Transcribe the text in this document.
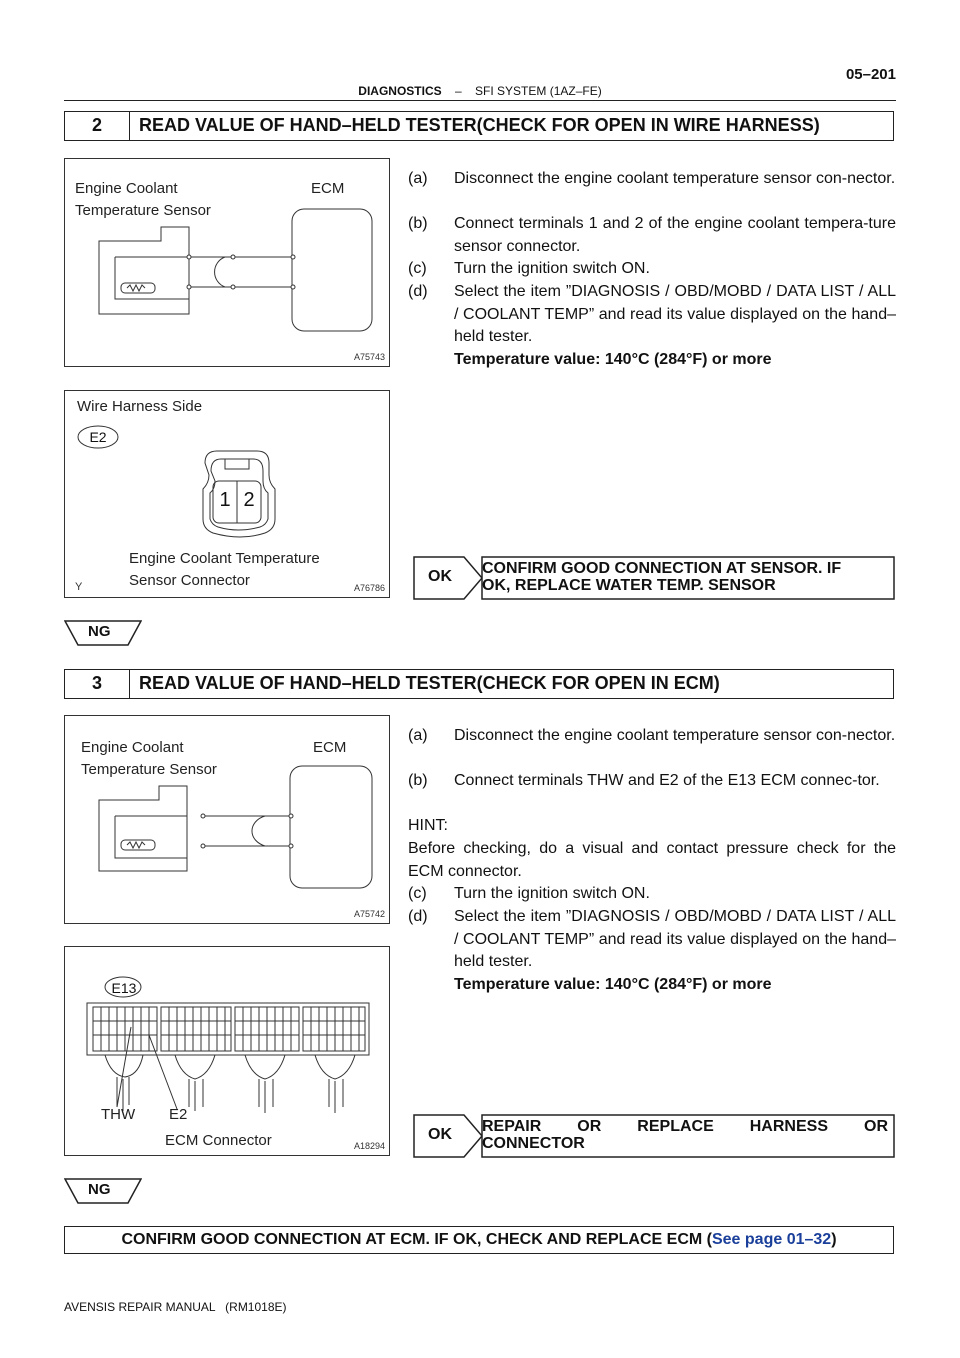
05–201
DIAGNOSTICS – SFI SYSTEM (1AZ–FE)
2	READ VALUE OF HAND–HELD TESTER(CHECK FOR OPEN IN WIRE HARNESS)
Engine Coolant
Temperature Sensor
ECM
A75743
Wire Harness Side
E2
1 2
Engine Coolant Temperature
Sensor Connector
Y	A76786
(a) Disconnect the engine coolant temperature sensor con-nector.
(b) Connect terminals 1 and 2 of the engine coolant tempera-ture sensor connector.
(c) Turn the ignition switch ON.
(d) Select the item ”DIAGNOSIS / OBD/MOBD / DATA LIST / ALL / COOLANT TEMP” and read its value displayed on the hand–held tester.
Temperature value: 140°C (284°F) or more
OK CONFIRM GOOD CONNECTION AT SENSOR. IF
OK, REPLACE WATER TEMP. SENSOR
NG
3	READ VALUE OF HAND–HELD TESTER(CHECK FOR OPEN IN ECM)
Engine Coolant
Temperature Sensor
ECM
A75742
E13
THW E2
ECM Connector	A18294
(a) Disconnect the engine coolant temperature sensor con-nector.
(b) Connect terminals THW and E2 of the E13 ECM connec-tor.
HINT:
Before checking, do a visual and contact pressure check for the ECM connector.
(c) Turn the ignition switch ON.
(d) Select the item ”DIAGNOSIS / OBD/MOBD / DATA LIST / ALL / COOLANT TEMP” and read its value displayed on the hand–held tester.
Temperature value: 140°C (284°F) or more
OK REPAIR OR REPLACE HARNESS OR
CONNECTOR
NG
CONFIRM GOOD CONNECTION AT ECM. IF OK, CHECK AND REPLACE ECM (See page 01–32)
AVENSIS REPAIR MANUAL   (RM1018E)
